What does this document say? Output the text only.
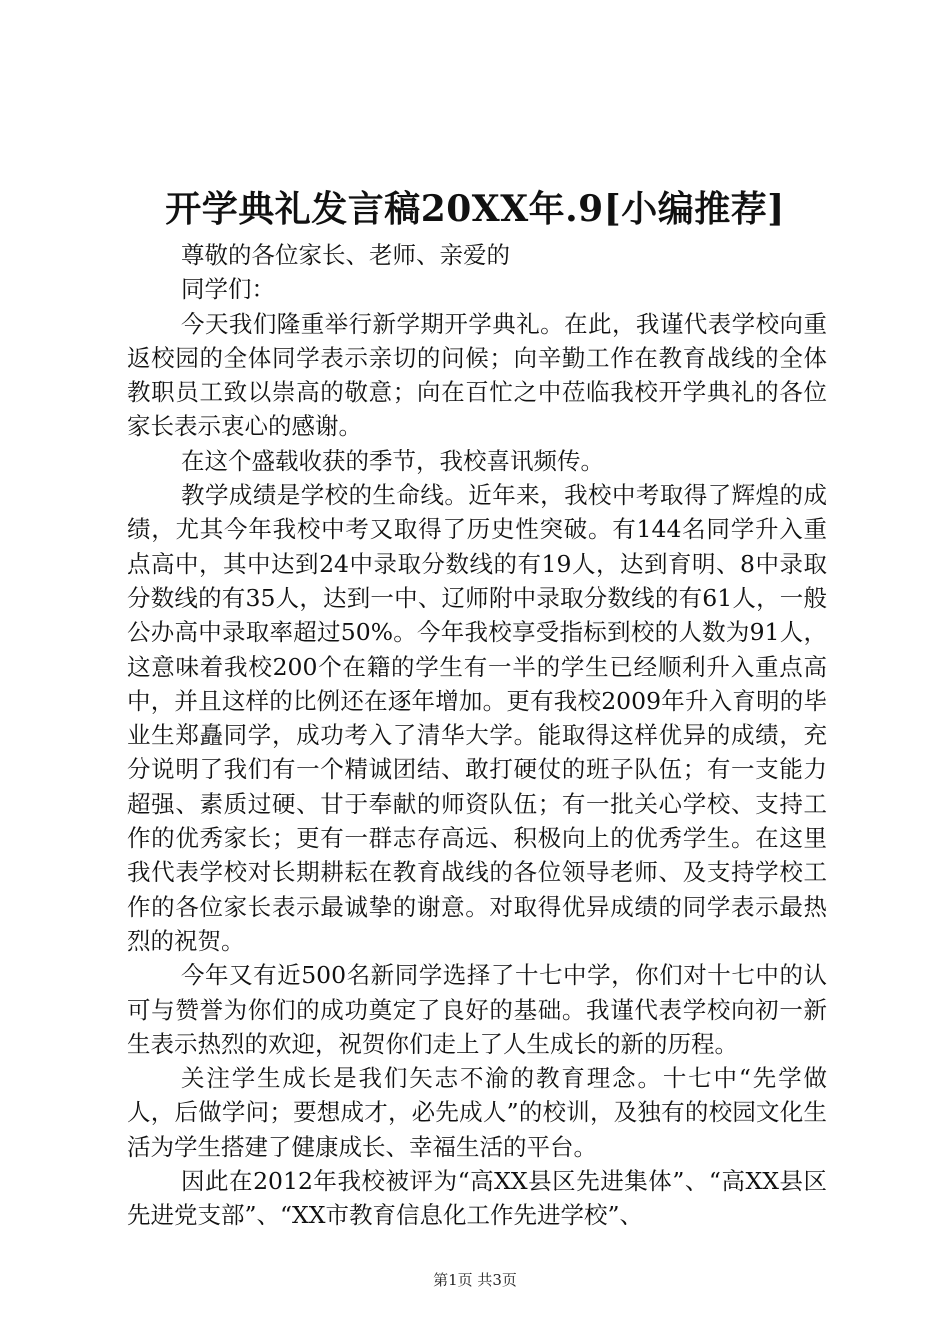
开学典礼发言稿20XX年.9[小编推荐]

尊敬的各位家长、老师、亲爱的

同学们：

今天我们隆重举行新学期开学典礼。在此，我谨代表学校向重返校园的全体同学表示亲切的问候；向辛勤工作在教育战线的全体教职员工致以崇高的敬意；向在百忙之中莅临我校开学典礼的各位家长表示衷心的感谢。

在这个盛载收获的季节，我校喜讯频传。

教学成绩是学校的生命线。近年来，我校中考取得了辉煌的成绩，尤其今年我校中考又取得了历史性突破。有144名同学升入重点高中，其中达到24中录取分数线的有19人，达到育明、8中录取分数线的有35人，达到一中、辽师附中录取分数线的有61人，一般公办高中录取率超过50%。今年我校享受指标到校的人数为91人，这意味着我校200个在籍的学生有一半的学生已经顺利升入重点高中，并且这样的比例还在逐年增加。更有我校2009年升入育明的毕业生郑矗同学，成功考入了清华大学。能取得这样优异的成绩，充分说明了我们有一个精诚团结、敢打硬仗的班子队伍；有一支能力超强、素质过硬、甘于奉献的师资队伍；有一批关心学校、支持工作的优秀家长；更有一群志存高远、积极向上的优秀学生。在这里我代表学校对长期耕耘在教育战线的各位领导老师、及支持学校工作的各位家长表示最诚挚的谢意。对取得优异成绩的同学表示最热烈的祝贺。

今年又有近500名新同学选择了十七中学，你们对十七中的认可与赞誉为你们的成功奠定了良好的基础。我谨代表学校向初一新生表示热烈的欢迎，祝贺你们走上了人生成长的新的历程。

关注学生成长是我们矢志不渝的教育理念。十七中“先学做人，后做学问；要想成才，必先成人”的校训，及独有的校园文化生活为学生搭建了健康成长、幸福生活的平台。

因此在2012年我校被评为“高XX县区先进集体”、“高XX县区先进党支部”、“XX市教育信息化工作先进学校”、

第1页 共3页
